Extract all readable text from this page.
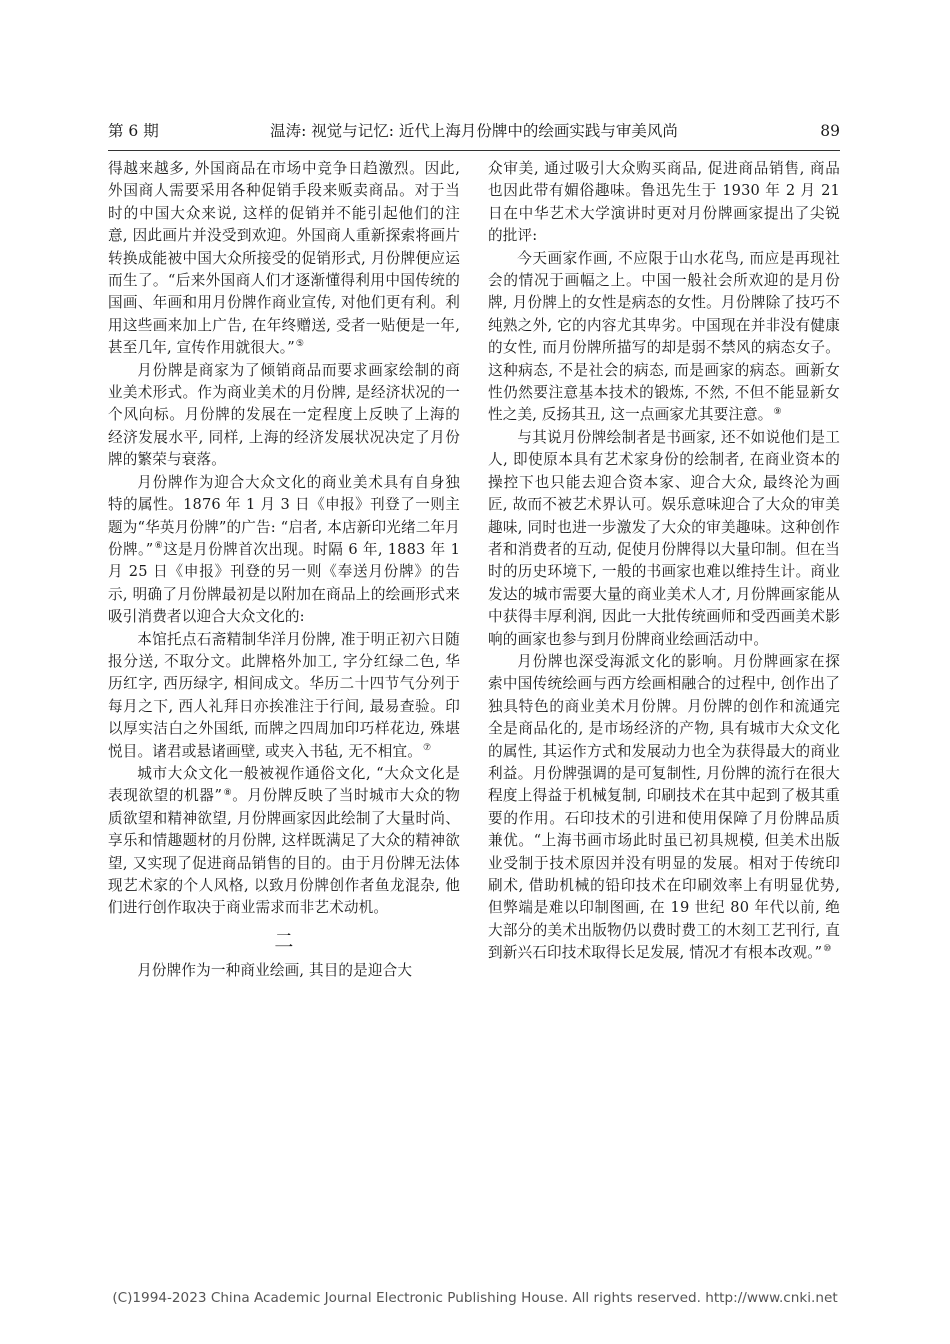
第 6 期	温涛: 视觉与记忆: 近代上海月份牌中的绘画实践与审美风尚	89

得越来越多, 外国商品在市场中竞争日趋激烈。因此, 外国商人需要采用各种促销手段来贩卖商品。对于当时的中国大众来说, 这样的促销并不能引起他们的注意, 因此画片并没受到欢迎。外国商人重新探索将画片转换成能被中国大众所接受的促销形式, 月份牌便应运而生了。“后来外国商人们才逐渐懂得利用中国传统的国画、年画和用月份牌作商业宣传, 对他们更有利。利用这些画来加上广告, 在年终赠送, 受者一贴便是一年, 甚至几年, 宣传作用就很大。”⑤

月份牌是商家为了倾销商品而要求画家绘制的商业美术形式。作为商业美术的月份牌, 是经济状况的一个风向标。月份牌的发展在一定程度上反映了上海的经济发展水平, 同样, 上海的经济发展状况决定了月份牌的繁荣与衰落。

月份牌作为迎合大众文化的商业美术具有自身独特的属性。1876 年 1 月 3 日《申报》刊登了一则主题为“华英月份牌”的广告: “启者, 本店新印光绪二年月份牌。”⑥这是月份牌首次出现。时隔 6 年, 1883 年 1 月 25 日《申报》刊登的另一则《奉送月份牌》的告示, 明确了月份牌最初是以附加在商品上的绘画形式来吸引消费者以迎合大众文化的:

本馆托点石斋精制华洋月份牌, 准于明正初六日随报分送, 不取分文。此牌格外加工, 字分红绿二色, 华历红字, 西历绿字, 相间成文。华历二十四节气分列于每月之下, 西人礼拜日亦挨准注于行间, 最易查验。印以厚实洁白之外国纸, 而牌之四周加印巧样花边, 殊堪悦目。诸君或悬诸画壁, 或夹入书毡, 无不相宜。⑦

城市大众文化一般被视作通俗文化, “大众文化是表现欲望的机器”⑧。月份牌反映了当时城市大众的物质欲望和精神欲望, 月份牌画家因此绘制了大量时尚、享乐和情趣题材的月份牌, 这样既满足了大众的精神欲望, 又实现了促进商品销售的目的。由于月份牌无法体现艺术家的个人风格, 以致月份牌创作者鱼龙混杂, 他们进行创作取决于商业需求而非艺术动机。

二

月份牌作为一种商业绘画, 其目的是迎合大

众审美, 通过吸引大众购买商品, 促进商品销售, 商品也因此带有媚俗趣味。鲁迅先生于 1930 年 2 月 21 日在中华艺术大学演讲时更对月份牌画家提出了尖锐的批评:

今天画家作画, 不应限于山水花鸟, 而应是再现社会的情况于画幅之上。中国一般社会所欢迎的是月份牌, 月份牌上的女性是病态的女性。月份牌除了技巧不纯熟之外, 它的内容尤其卑劣。中国现在并非没有健康的女性, 而月份牌所描写的却是弱不禁风的病态女子。这种病态, 不是社会的病态, 而是画家的病态。画新女性仍然要注意基本技术的锻炼, 不然, 不但不能显新女性之美, 反扬其丑, 这一点画家尤其要注意。⑨

与其说月份牌绘制者是书画家, 还不如说他们是工人, 即使原本具有艺术家身份的绘制者, 在商业资本的操控下也只能去迎合资本家、迎合大众, 最终沦为画匠, 故而不被艺术界认可。娱乐意味迎合了大众的审美趣味, 同时也进一步激发了大众的审美趣味。这种创作者和消费者的互动, 促使月份牌得以大量印制。但在当时的历史环境下, 一般的书画家也难以维持生计。商业发达的城市需要大量的商业美术人才, 月份牌画家能从中获得丰厚利润, 因此一大批传统画师和受西画美术影响的画家也参与到月份牌商业绘画活动中。

月份牌也深受海派文化的影响。月份牌画家在探索中国传统绘画与西方绘画相融合的过程中, 创作出了独具特色的商业美术月份牌。月份牌的创作和流通完全是商品化的, 是市场经济的产物, 具有城市大众文化的属性, 其运作方式和发展动力也全为获得最大的商业利益。月份牌强调的是可复制性, 月份牌的流行在很大程度上得益于机械复制, 印刷技术在其中起到了极其重要的作用。石印技术的引进和使用保障了月份牌品质兼优。“上海书画市场此时虽已初具规模, 但美术出版业受制于技术原因并没有明显的发展。相对于传统印刷术, 借助机械的铅印技术在印刷效率上有明显优势, 但弊端是难以印制图画, 在 19 世纪 80 年代以前, 绝大部分的美术出版物仍以费时费工的木刻工艺刊行, 直到新兴石印技术取得长足发展, 情况才有根本改观。”⑩

(C)1994-2023 China Academic Journal Electronic Publishing House. All rights reserved. http://www.cnki.net
